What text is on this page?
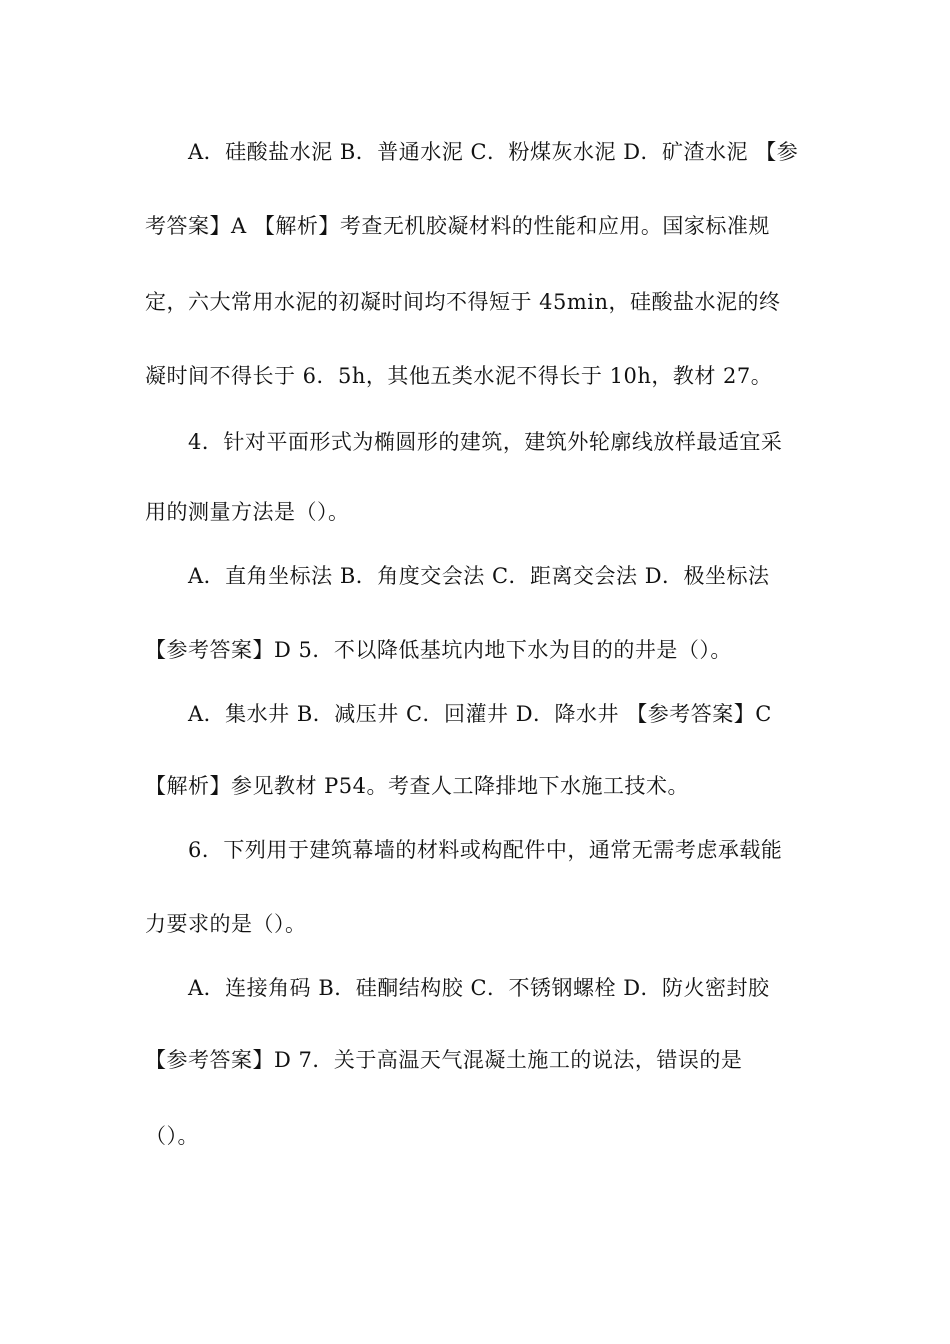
A．硅酸盐水泥 B．普通水泥 C．粉煤灰水泥 D．矿渣水泥 【参
考答案】A 【解析】考查无机胶凝材料的性能和应用。国家标准规
定，六大常用水泥的初凝时间均不得短于 45min，硅酸盐水泥的终
凝时间不得长于 6．5h，其他五类水泥不得长于 10h，教材 27。
4．针对平面形式为椭圆形的建筑，建筑外轮廓线放样最适宜采
用的测量方法是（）。
A．直角坐标法 B．角度交会法 C．距离交会法 D．极坐标法
【参考答案】D 5．不以降低基坑内地下水为目的的井是（）。
A．集水井 B．减压井 C．回灌井 D．降水井 【参考答案】C
【解析】参见教材 P54。考查人工降排地下水施工技术。
6．下列用于建筑幕墙的材料或构配件中，通常无需考虑承载能
力要求的是（）。
A．连接角码 B．硅酮结构胶 C．不锈钢螺栓 D．防火密封胶
【参考答案】D 7．关于高温天气混凝土施工的说法，错误的是
（）。
